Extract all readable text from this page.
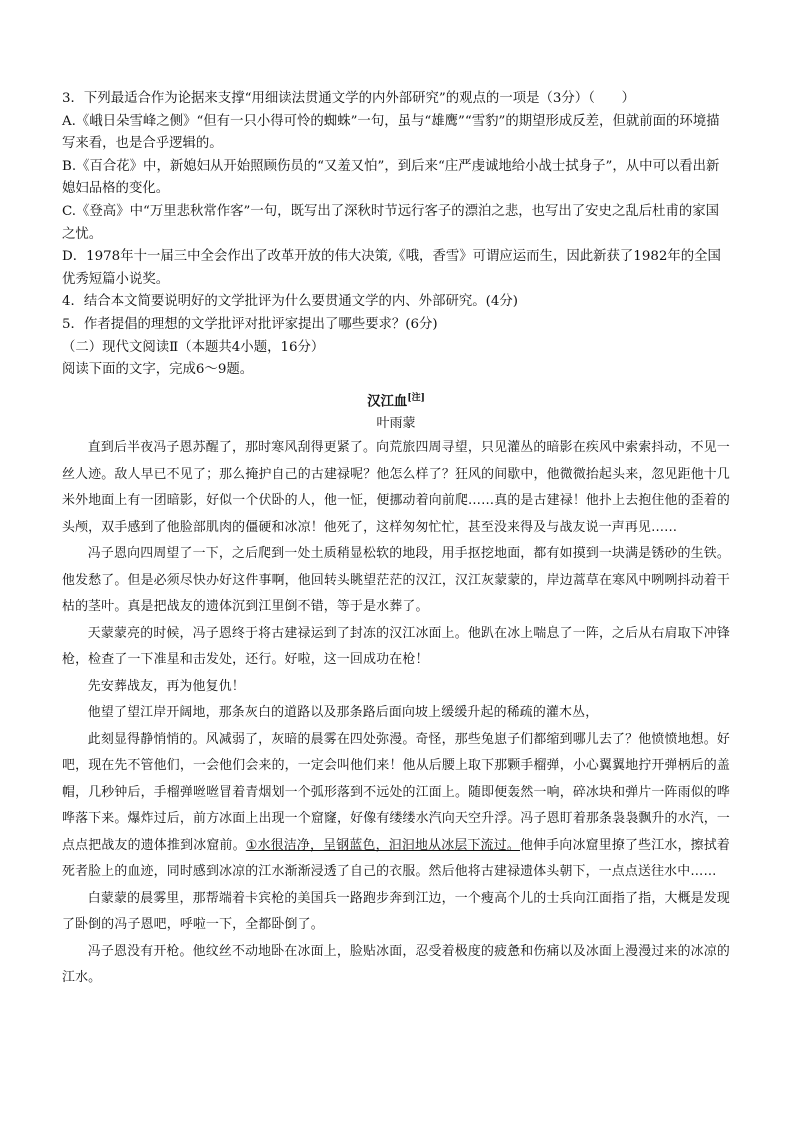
3．下列最适合作为论据来支撑“用细读法贯通文学的内外部研究”的观点的一项是（3分）（　　）

A.《峨日朵雪峰之侧》“但有一只小得可怜的蜘蛛”一句，虽与“雄鹰”“雪豹”的期望形成反差，但就前面的环境描写来看，也是合乎逻辑的。

B.《百合花》中，新媳妇从开始照顾伤员的“又羞又怕”，到后来“庄严虔诚地给小战士拭身子”，从中可以看出新媳妇品格的变化。

C.《登高》中“万里悲秋常作客”一句，既写出了深秋时节远行客子的漂泊之悲，也写出了安史之乱后杜甫的家国之忧。

D．1978年十一届三中全会作出了改革开放的伟大决策,《哦，香雪》可谓应运而生，因此新获了1982年的全国优秀短篇小说奖。

4．结合本文简要说明好的文学批评为什么要贯通文学的内、外部研究。(4分)

5．作者提倡的理想的文学批评对批评家提出了哪些要求？(6分)

（二）现代文阅读Ⅱ（本题共4小题，16分）

阅读下面的文字，完成6～9题。

汉江血[注]

叶雨蒙

直到后半夜冯子恩苏醒了，那时寒风刮得更紧了。向荒旅四周寻望，只见灌丛的暗影在疾风中索索抖动，不见一丝人迹。敌人早已不见了；那么掩护自己的古建禄呢？他怎么样了？狂风的间歇中，他微微抬起头来，忽见距他十几米外地面上有一团暗影，好似一个伏卧的人，他一怔，便挪动着向前爬……真的是古建禄！他扑上去抱住他的歪着的头颅，双手感到了他脸部肌肉的僵硬和冰凉！他死了，这样匆匆忙忙，甚至没来得及与战友说一声再见……

冯子恩向四周望了一下，之后爬到一处土质稍显松软的地段，用手抠挖地面，都有如摸到一块满是锈砂的生铁。他发愁了。但是必须尽快办好这件事啊，他回转头眺望茫茫的汉江，汉江灰蒙蒙的，岸边蒿草在寒风中咧咧抖动着干枯的茎叶。真是把战友的遗体沉到江里倒不错，等于是水葬了。

天蒙蒙亮的时候，冯子恩终于将古建禄运到了封冻的汉江冰面上。他趴在冰上喘息了一阵，之后从右肩取下冲锋枪，检查了一下准星和击发处，还行。好啦，这一回成功在枪！

先安葬战友，再为他复仇！

他望了望江岸开阔地，那条灰白的道路以及那条路后面向坡上缓缓升起的稀疏的灌木丛，

此刻显得静悄悄的。风减弱了，灰暗的晨雾在四处弥漫。奇怪，那些兔崽子们都缩到哪儿去了？他愤愤地想。好吧，现在先不管他们，一会他们会来的，一定会叫他们来！他从后腰上取下那颗手榴弹，小心翼翼地拧开弹柄后的盖帽，几秒钟后，手榴弹咝咝冒着青烟划一个弧形落到不远处的江面上。随即便轰然一响，碎冰块和弹片一阵雨似的哗哗落下来。爆炸过后，前方冰面上出现一个窟窿，好像有缕缕水汽向天空升浮。冯子恩盯着那条袅袅飘升的水汽，一点点把战友的遗体推到冰窟前。①水很洁净，呈钢蓝色，汩汩地从冰层下流过。他伸手向冰窟里撩了些江水，擦拭着死者脸上的血迹，同时感到冰凉的江水渐渐浸透了自己的衣服。然后他将古建禄遗体头朝下，一点点送往水中……

白蒙蒙的晨雾里，那帮端着卡宾枪的美国兵一路跑步奔到江边，一个瘦高个儿的士兵向江面指了指，大概是发现了卧倒的冯子恩吧，呼啦一下，全都卧倒了。

冯子恩没有开枪。他纹丝不动地卧在冰面上，脸贴冰面，忍受着极度的疲惫和伤痛以及冰面上漫漫过来的冰凉的江水。
